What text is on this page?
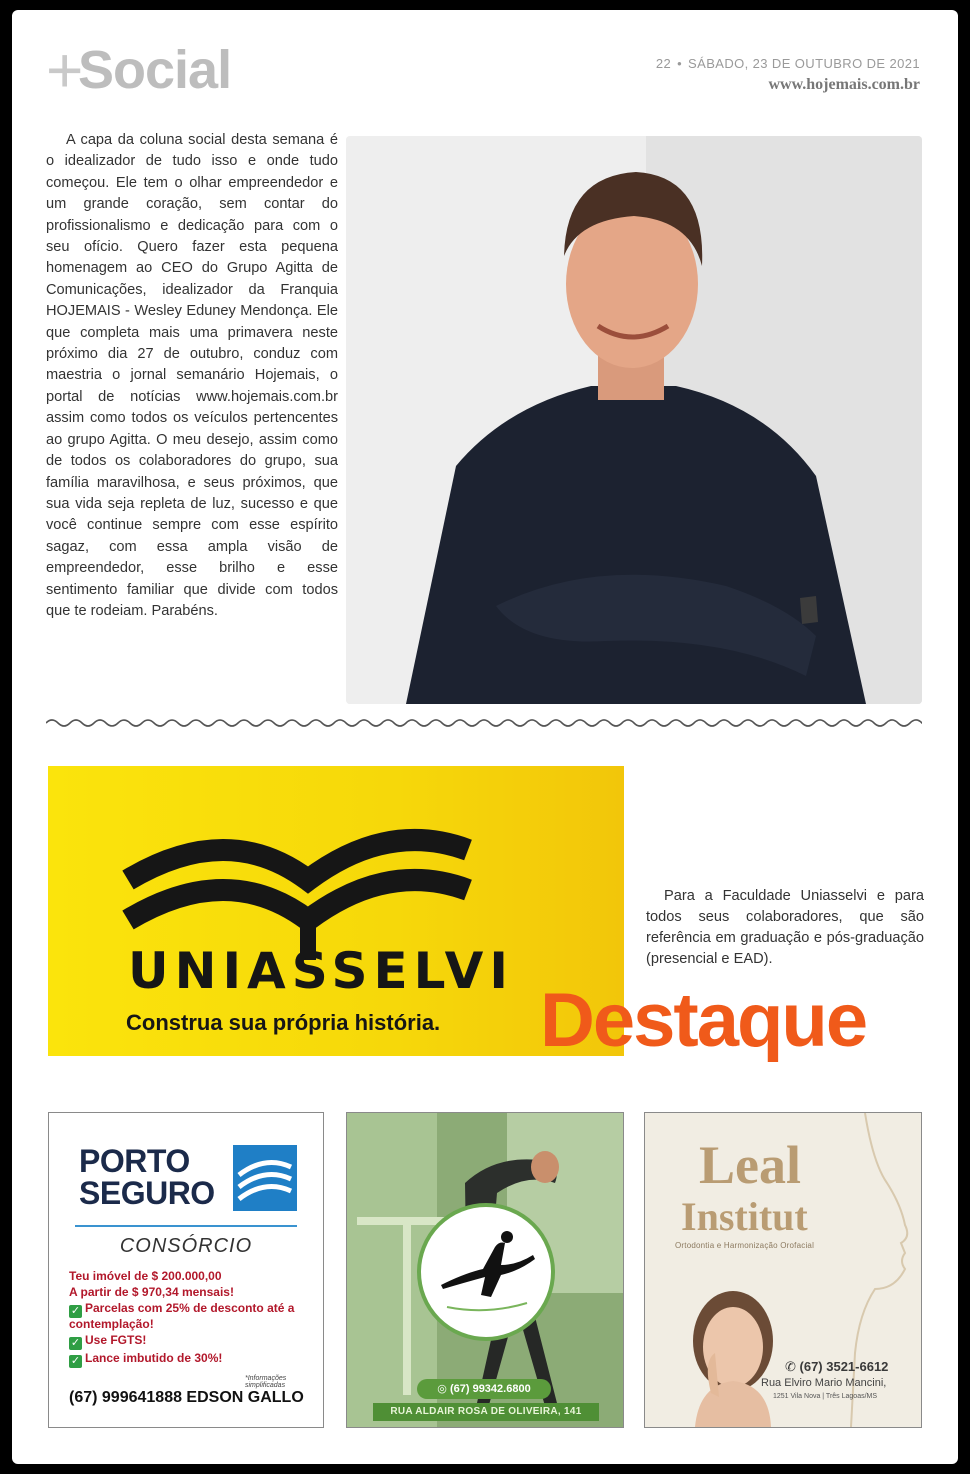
+
Social	22 • SÁBADO, 23 DE OUTUBRO DE 2021
www.hojemais.com.br

A capa da coluna social desta semana é o idealizador de tudo isso e onde tudo começou. Ele tem o olhar empreendedor e um grande coração, sem contar do profissionalismo e dedicação para com o seu ofício. Quero fazer esta pequena homenagem ao CEO do Grupo Agitta de Comunicações, idealizador da Franquia HOJEMAIS - Wesley Eduney Mendonça. Ele que completa mais uma primavera neste próximo dia 27 de outubro, conduz com maestria o jornal semanário Hojemais, o portal de notícias www.hojemais.com.br assim como todos os veículos pertencentes ao grupo Agitta. O meu desejo, assim como de todos os colaboradores do grupo, sua família maravilhosa, e seus próximos, que sua vida seja repleta de luz, sucesso e que você continue sempre com esse espírito sagaz, com essa ampla visão de empreendedor, esse brilho e esse sentimento familiar que divide com todos que te rodeiam. Parabéns.

UNIASSELVI
Construa sua própria história.
Para a Faculdade Uniasselvi e para todos seus colaboradores, que são referência em graduação e pós-graduação (presencial e EAD).
Destaque
PORTO
SEGURO
CONSÓRCIO
Teu imóvel de $ 200.000,00
A partir de $ 970,34 mensais!
✓ Parcelas com 25% de desconto até a
contemplação!
✓ Use FGTS!
✓ Lance imbutido de 30%!
*Informações simplificadas
(67) 999641888 EDSON GALLO	◎ (67) 99342.6800
RUA ALDAIR ROSA DE OLIVEIRA, 141
Leal
Institut
Ortodontia e Harmonização Orofacial
✆ (67) 3521-6612
Rua Elviro Mario Mancini,
1251 Vila Nova | Três Lagoas/MS
